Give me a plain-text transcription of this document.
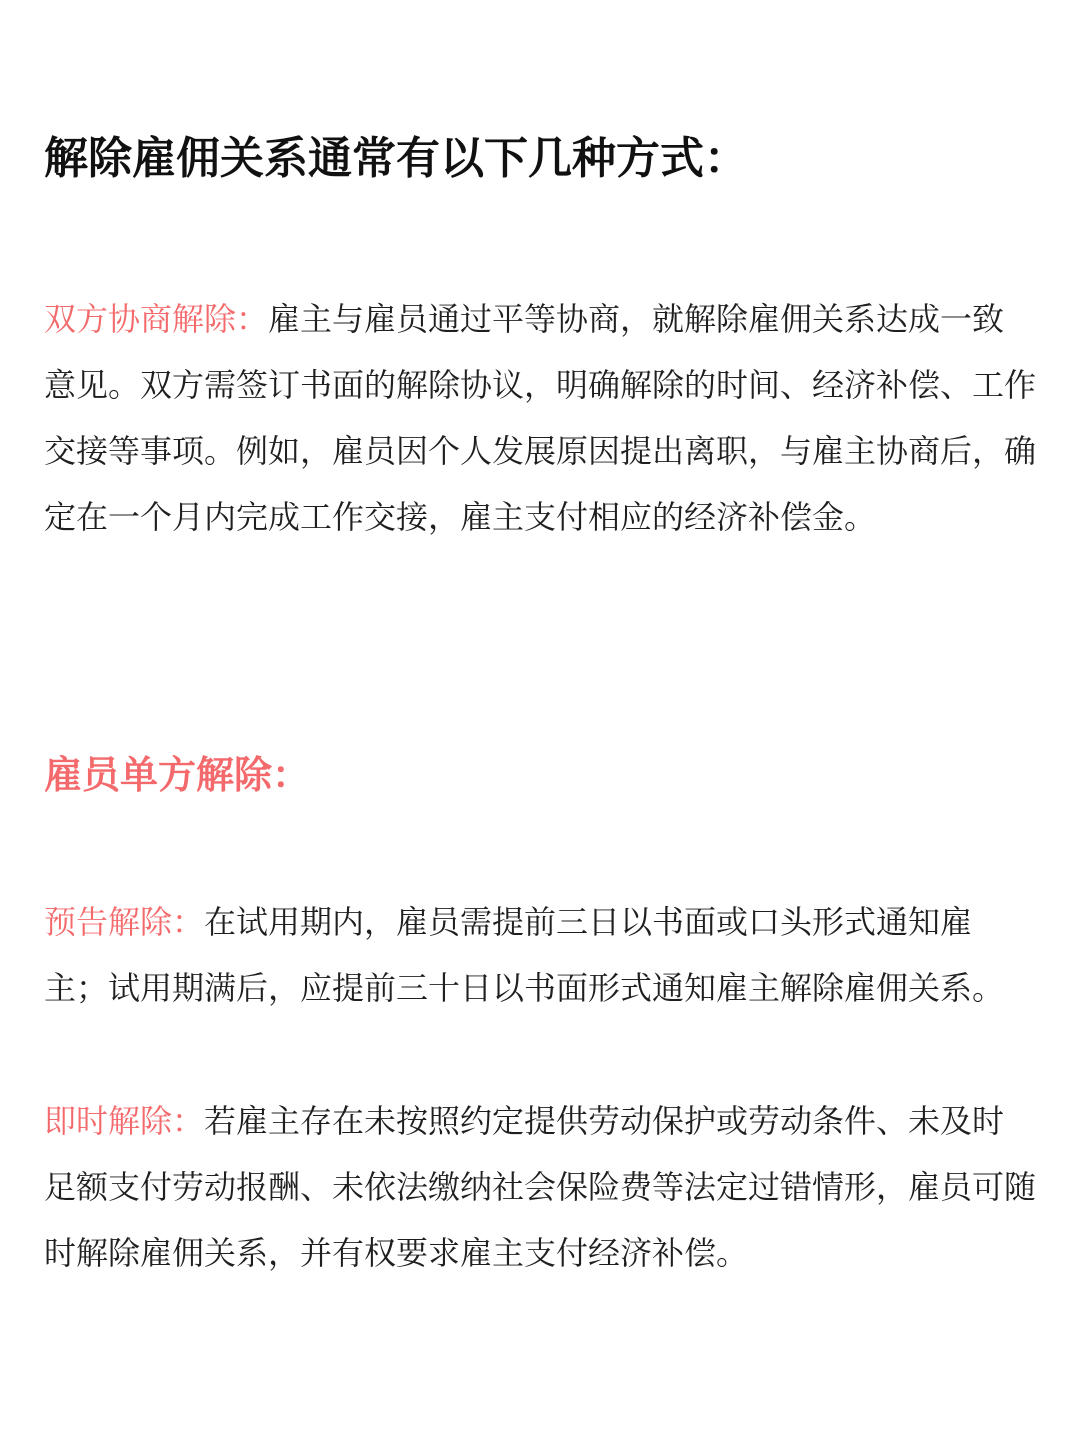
解除雇佣关系通常有以下几种方式：

双方协商解除：雇主与雇员通过平等协商，就解除雇佣关系达成一致意见。双方需签订书面的解除协议，明确解除的时间、经济补偿、工作交接等事项。例如，雇员因个人发展原因提出离职，与雇主协商后，确定在一个月内完成工作交接，雇主支付相应的经济补偿金。

雇员单方解除：

预告解除：在试用期内，雇员需提前三日以书面或口头形式通知雇主；试用期满后，应提前三十日以书面形式通知雇主解除雇佣关系。

即时解除：若雇主存在未按照约定提供劳动保护或劳动条件、未及时足额支付劳动报酬、未依法缴纳社会保险费等法定过错情形，雇员可随时解除雇佣关系，并有权要求雇主支付经济补偿。
